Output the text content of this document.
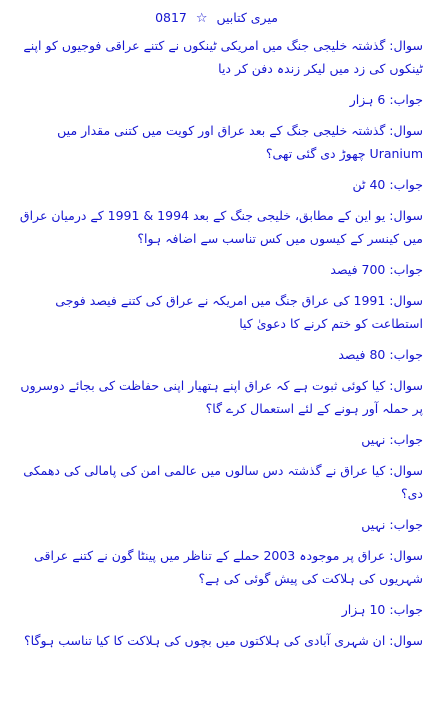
میری کتابیں ☆ 0817
سوال: گذشتہ خلیجی جنگ میں امریکی ٹینکوں نے کتنے عراقی فوجیوں کو اپنے ٹینکوں کی زد میں لیکر زندہ دفن کر دیا
جواب: 6 ہزار
سوال: گذشتہ خلیجی جنگ کے بعد عراق اور کویت میں کتنی مقدار میں Uranium چھوڑ دی گئی تھی؟
جواب: 40 ٹن
سوال: یو این کے مطابق، خلیجی جنگ کے بعد 1994 & 1991 کے درمیان عراق میں کینسر کے کیسوں میں کس تناسب سے اضافہ ہوا؟
جواب: 700 فیصد
سوال: 1991 کی عراق جنگ میں امریکہ نے عراق کی کتنے فیصد فوجی استطاعت کو ختم کرنے کا دعویٰ کیا
جواب: 80 فیصد
سوال: کیا کوئی ثبوت ہے کہ عراق اپنے ہتھیار اپنی حفاظت کی بجائے دوسروں پر حملہ آور ہونے کے لئے استعمال کرے گا؟
جواب: نہیں
سوال: کیا عراق نے گذشتہ دس سالوں میں عالمی امن کی پامالی کی دھمکی دی؟
جواب: نہیں
سوال: عراق پر موجودہ 2003 حملے کے تناظر میں پینٹا گون نے کتنے عراقی شہریوں کی ہلاکت کی پیش گوئی کی ہے؟
جواب: 10 ہزار
سوال: ان شہری آبادی کی ہلاکتوں میں بچوں کی ہلاکت کا کیا تناسب ہوگا؟
